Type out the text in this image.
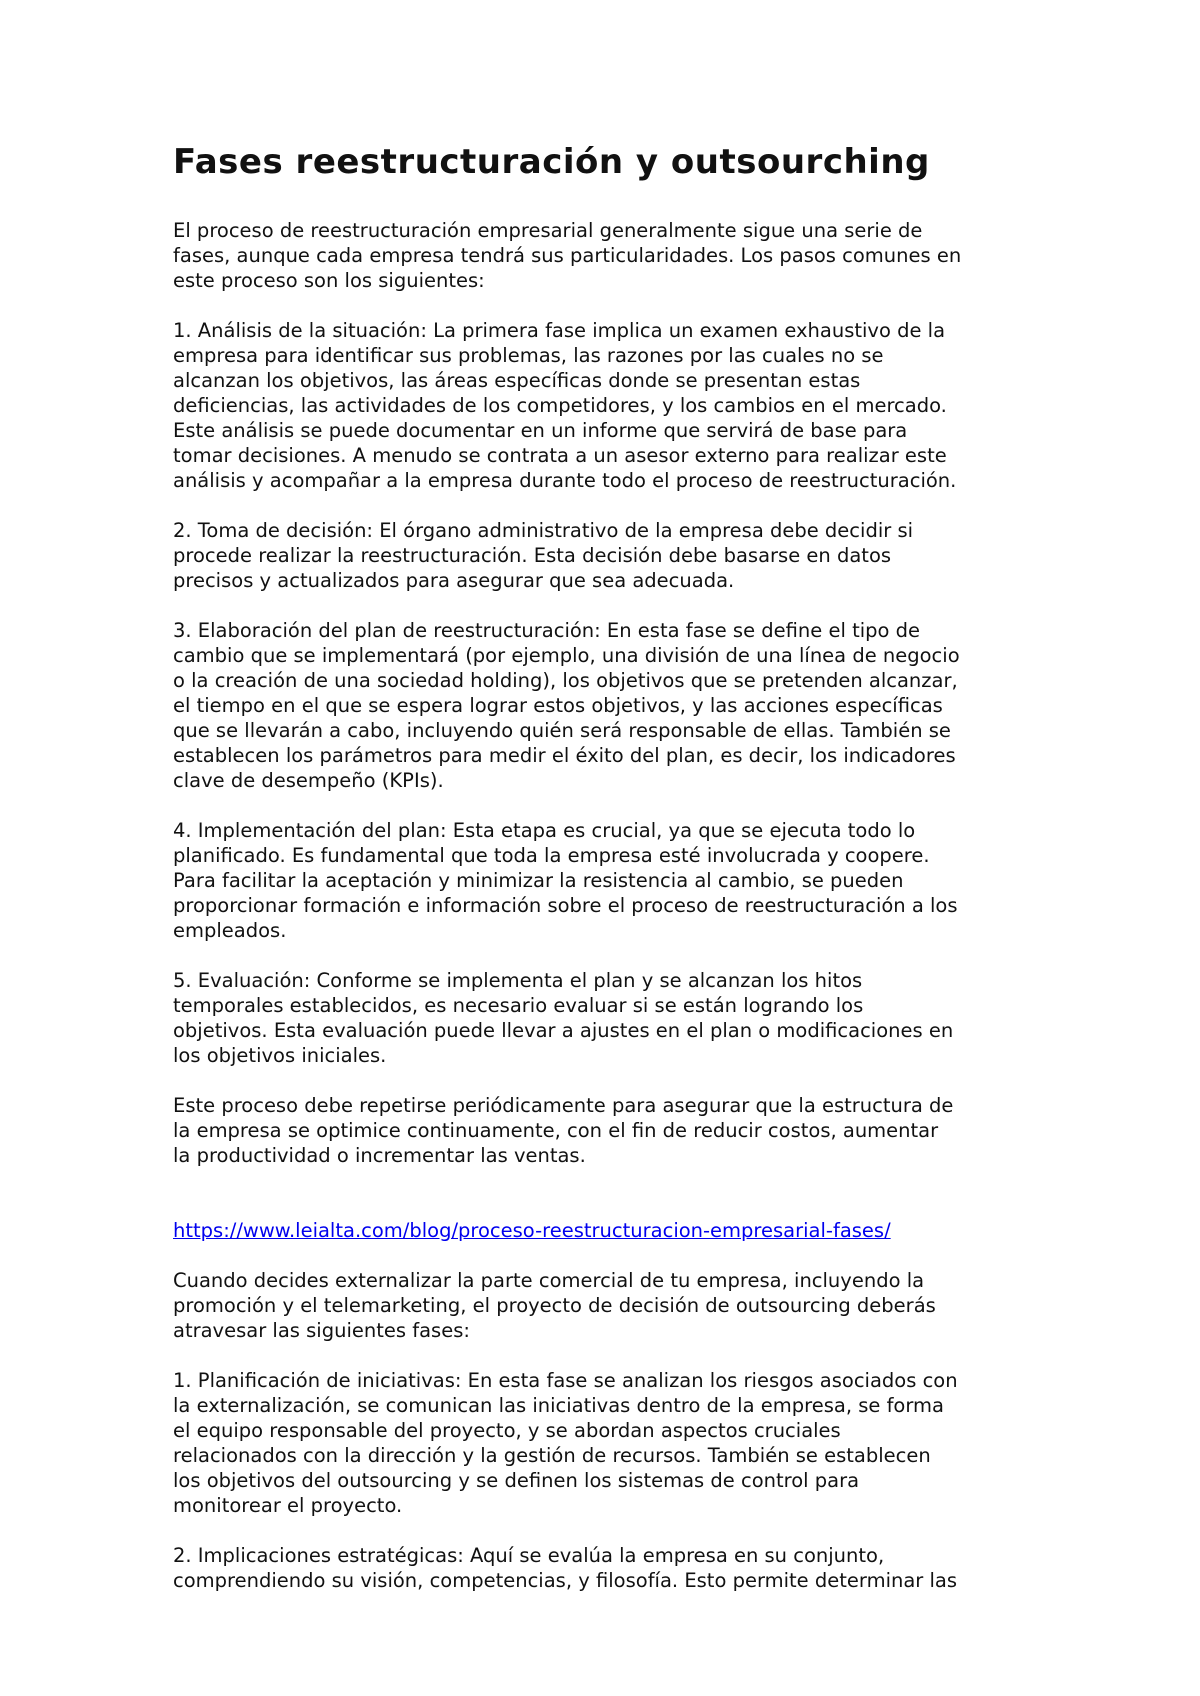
Fases reestructuración y outsourching

El proceso de reestructuración empresarial generalmente sigue una serie de
fases, aunque cada empresa tendrá sus particularidades. Los pasos comunes en
este proceso son los siguientes:

1. Análisis de la situación: La primera fase implica un examen exhaustivo de la
empresa para identificar sus problemas, las razones por las cuales no se
alcanzan los objetivos, las áreas específicas donde se presentan estas
deficiencias, las actividades de los competidores, y los cambios en el mercado.
Este análisis se puede documentar en un informe que servirá de base para
tomar decisiones. A menudo se contrata a un asesor externo para realizar este
análisis y acompañar a la empresa durante todo el proceso de reestructuración.

2. Toma de decisión: El órgano administrativo de la empresa debe decidir si
procede realizar la reestructuración. Esta decisión debe basarse en datos
precisos y actualizados para asegurar que sea adecuada.

3. Elaboración del plan de reestructuración: En esta fase se define el tipo de
cambio que se implementará (por ejemplo, una división de una línea de negocio
o la creación de una sociedad holding), los objetivos que se pretenden alcanzar,
el tiempo en el que se espera lograr estos objetivos, y las acciones específicas
que se llevarán a cabo, incluyendo quién será responsable de ellas. También se
establecen los parámetros para medir el éxito del plan, es decir, los indicadores
clave de desempeño (KPIs).

4. Implementación del plan: Esta etapa es crucial, ya que se ejecuta todo lo
planificado. Es fundamental que toda la empresa esté involucrada y coopere.
Para facilitar la aceptación y minimizar la resistencia al cambio, se pueden
proporcionar formación e información sobre el proceso de reestructuración a los
empleados.

5. Evaluación: Conforme se implementa el plan y se alcanzan los hitos
temporales establecidos, es necesario evaluar si se están logrando los
objetivos. Esta evaluación puede llevar a ajustes en el plan o modificaciones en
los objetivos iniciales.

Este proceso debe repetirse periódicamente para asegurar que la estructura de
la empresa se optimice continuamente, con el fin de reducir costos, aumentar
la productividad o incrementar las ventas.

https://www.leialta.com/blog/proceso-reestructuracion-empresarial-fases/

Cuando decides externalizar la parte comercial de tu empresa, incluyendo la
promoción y el telemarketing, el proyecto de decisión de outsourcing deberás
atravesar las siguientes fases:

1. Planificación de iniciativas: En esta fase se analizan los riesgos asociados con
la externalización, se comunican las iniciativas dentro de la empresa, se forma
el equipo responsable del proyecto, y se abordan aspectos cruciales
relacionados con la dirección y la gestión de recursos. También se establecen
los objetivos del outsourcing y se definen los sistemas de control para
monitorear el proyecto.

2. Implicaciones estratégicas: Aquí se evalúa la empresa en su conjunto,
comprendiendo su visión, competencias, y filosofía. Esto permite determinar las
